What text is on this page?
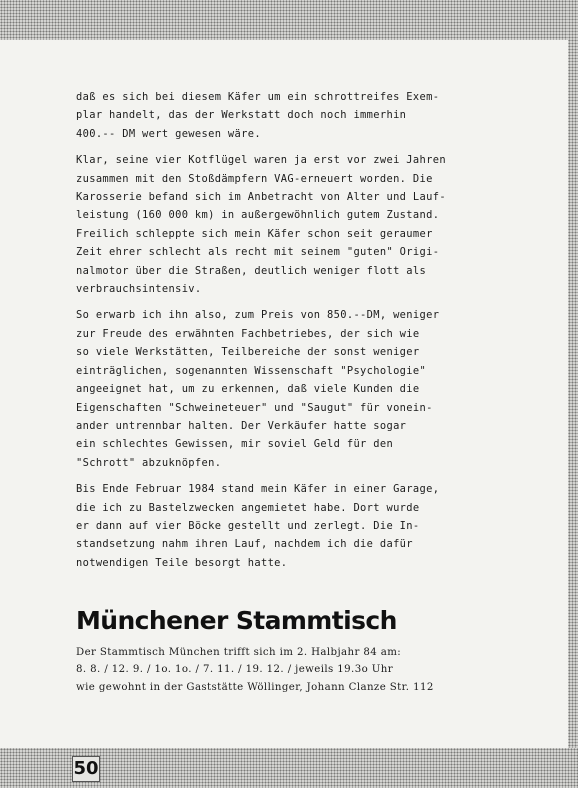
daß es sich bei diesem Käfer um ein schrottreifes Exem-
plar handelt, das der Werkstatt doch noch immerhin
400.-- DM wert gewesen wäre.

Klar, seine vier Kotflügel waren ja erst vor zwei Jahren
zusammen mit den Stoßdämpfern VAG-erneuert worden. Die
Karosserie befand sich im Anbetracht von Alter und Lauf-
leistung (160 000 km) in außergewöhnlich gutem Zustand.
Freilich schleppte sich mein Käfer schon seit geraumer
Zeit ehrer schlecht als recht mit seinem "guten" Origi-
nalmotor über die Straßen, deutlich weniger flott als
verbrauchsintensiv.

So erwarb ich ihn also, zum Preis von 850.--DM, weniger
zur Freude des erwähnten Fachbetriebes, der sich wie
so viele Werkstätten, Teilbereiche der sonst weniger
einträglichen, sogenannten Wissenschaft "Psychologie"
angeeignet hat, um zu erkennen, daß viele Kunden die
Eigenschaften "Schweineteuer" und "Saugut" für vonein-
ander untrennbar halten. Der Verkäufer hatte sogar
ein schlechtes Gewissen, mir soviel Geld für den
"Schrott" abzuknöpfen.

Bis Ende Februar 1984 stand mein Käfer in einer Garage,
die ich zu Bastelzwecken angemietet habe. Dort wurde
er dann auf vier Böcke gestellt und zerlegt. Die In-
standsetzung nahm ihren Lauf, nachdem ich die dafür
notwendigen Teile besorgt hatte.

Münchener Stammtisch
Der Stammtisch München trifft sich im 2. Halbjahr 84 am:
8. 8. / 12. 9. / 1o. 1o. / 7. 11. / 19. 12. / jeweils 19.3o Uhr
wie gewohnt in der Gaststätte Wöllinger, Johann Clanze Str. 112
50
